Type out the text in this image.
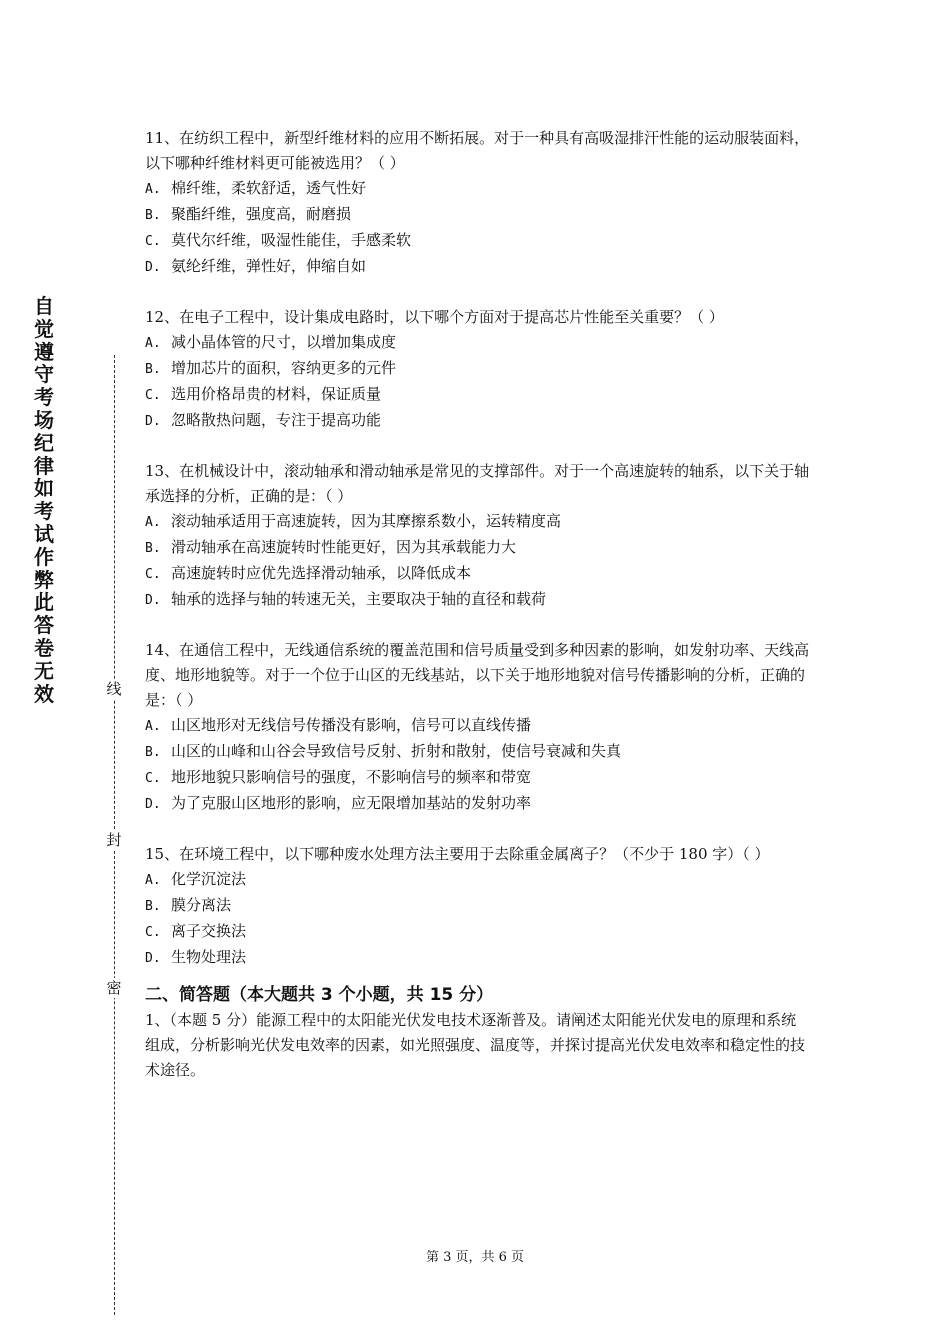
自觉遵守考场纪律如考试作弊此答卷无效	线
封
密
11、在纺织工程中，新型纤维材料的应用不断拓展。对于一种具有高吸湿排汗性能的运动服装面料，以下哪种纤维材料更可能被选用？（ ）
A. 棉纤维，柔软舒适，透气性好
B. 聚酯纤维，强度高，耐磨损
C. 莫代尔纤维，吸湿性能佳，手感柔软
D. 氨纶纤维，弹性好，伸缩自如
12、在电子工程中，设计集成电路时，以下哪个方面对于提高芯片性能至关重要？（ ）
A. 减小晶体管的尺寸，以增加集成度
B. 增加芯片的面积，容纳更多的元件
C. 选用价格昂贵的材料，保证质量
D. 忽略散热问题，专注于提高功能
13、在机械设计中，滚动轴承和滑动轴承是常见的支撑部件。对于一个高速旋转的轴系，以下关于轴承选择的分析，正确的是：（ ）
A. 滚动轴承适用于高速旋转，因为其摩擦系数小，运转精度高
B. 滑动轴承在高速旋转时性能更好，因为其承载能力大
C. 高速旋转时应优先选择滑动轴承，以降低成本
D. 轴承的选择与轴的转速无关，主要取决于轴的直径和载荷
14、在通信工程中，无线通信系统的覆盖范围和信号质量受到多种因素的影响，如发射功率、天线高度、地形地貌等。对于一个位于山区的无线基站，以下关于地形地貌对信号传播影响的分析，正确的是：（ ）
A. 山区地形对无线信号传播没有影响，信号可以直线传播
B. 山区的山峰和山谷会导致信号反射、折射和散射，使信号衰减和失真
C. 地形地貌只影响信号的强度，不影响信号的频率和带宽
D. 为了克服山区地形的影响，应无限增加基站的发射功率
15、在环境工程中，以下哪种废水处理方法主要用于去除重金属离子？（不少于 180 字）（ ）
A. 化学沉淀法
B. 膜分离法
C. 离子交换法
D. 生物处理法
二、简答题（本大题共 3 个小题，共 15 分）
1、（本题 5 分）能源工程中的太阳能光伏发电技术逐渐普及。请阐述太阳能光伏发电的原理和系统组成，分析影响光伏发电效率的因素，如光照强度、温度等，并探讨提高光伏发电效率和稳定性的技术途径。
第 3 页，共 6 页
